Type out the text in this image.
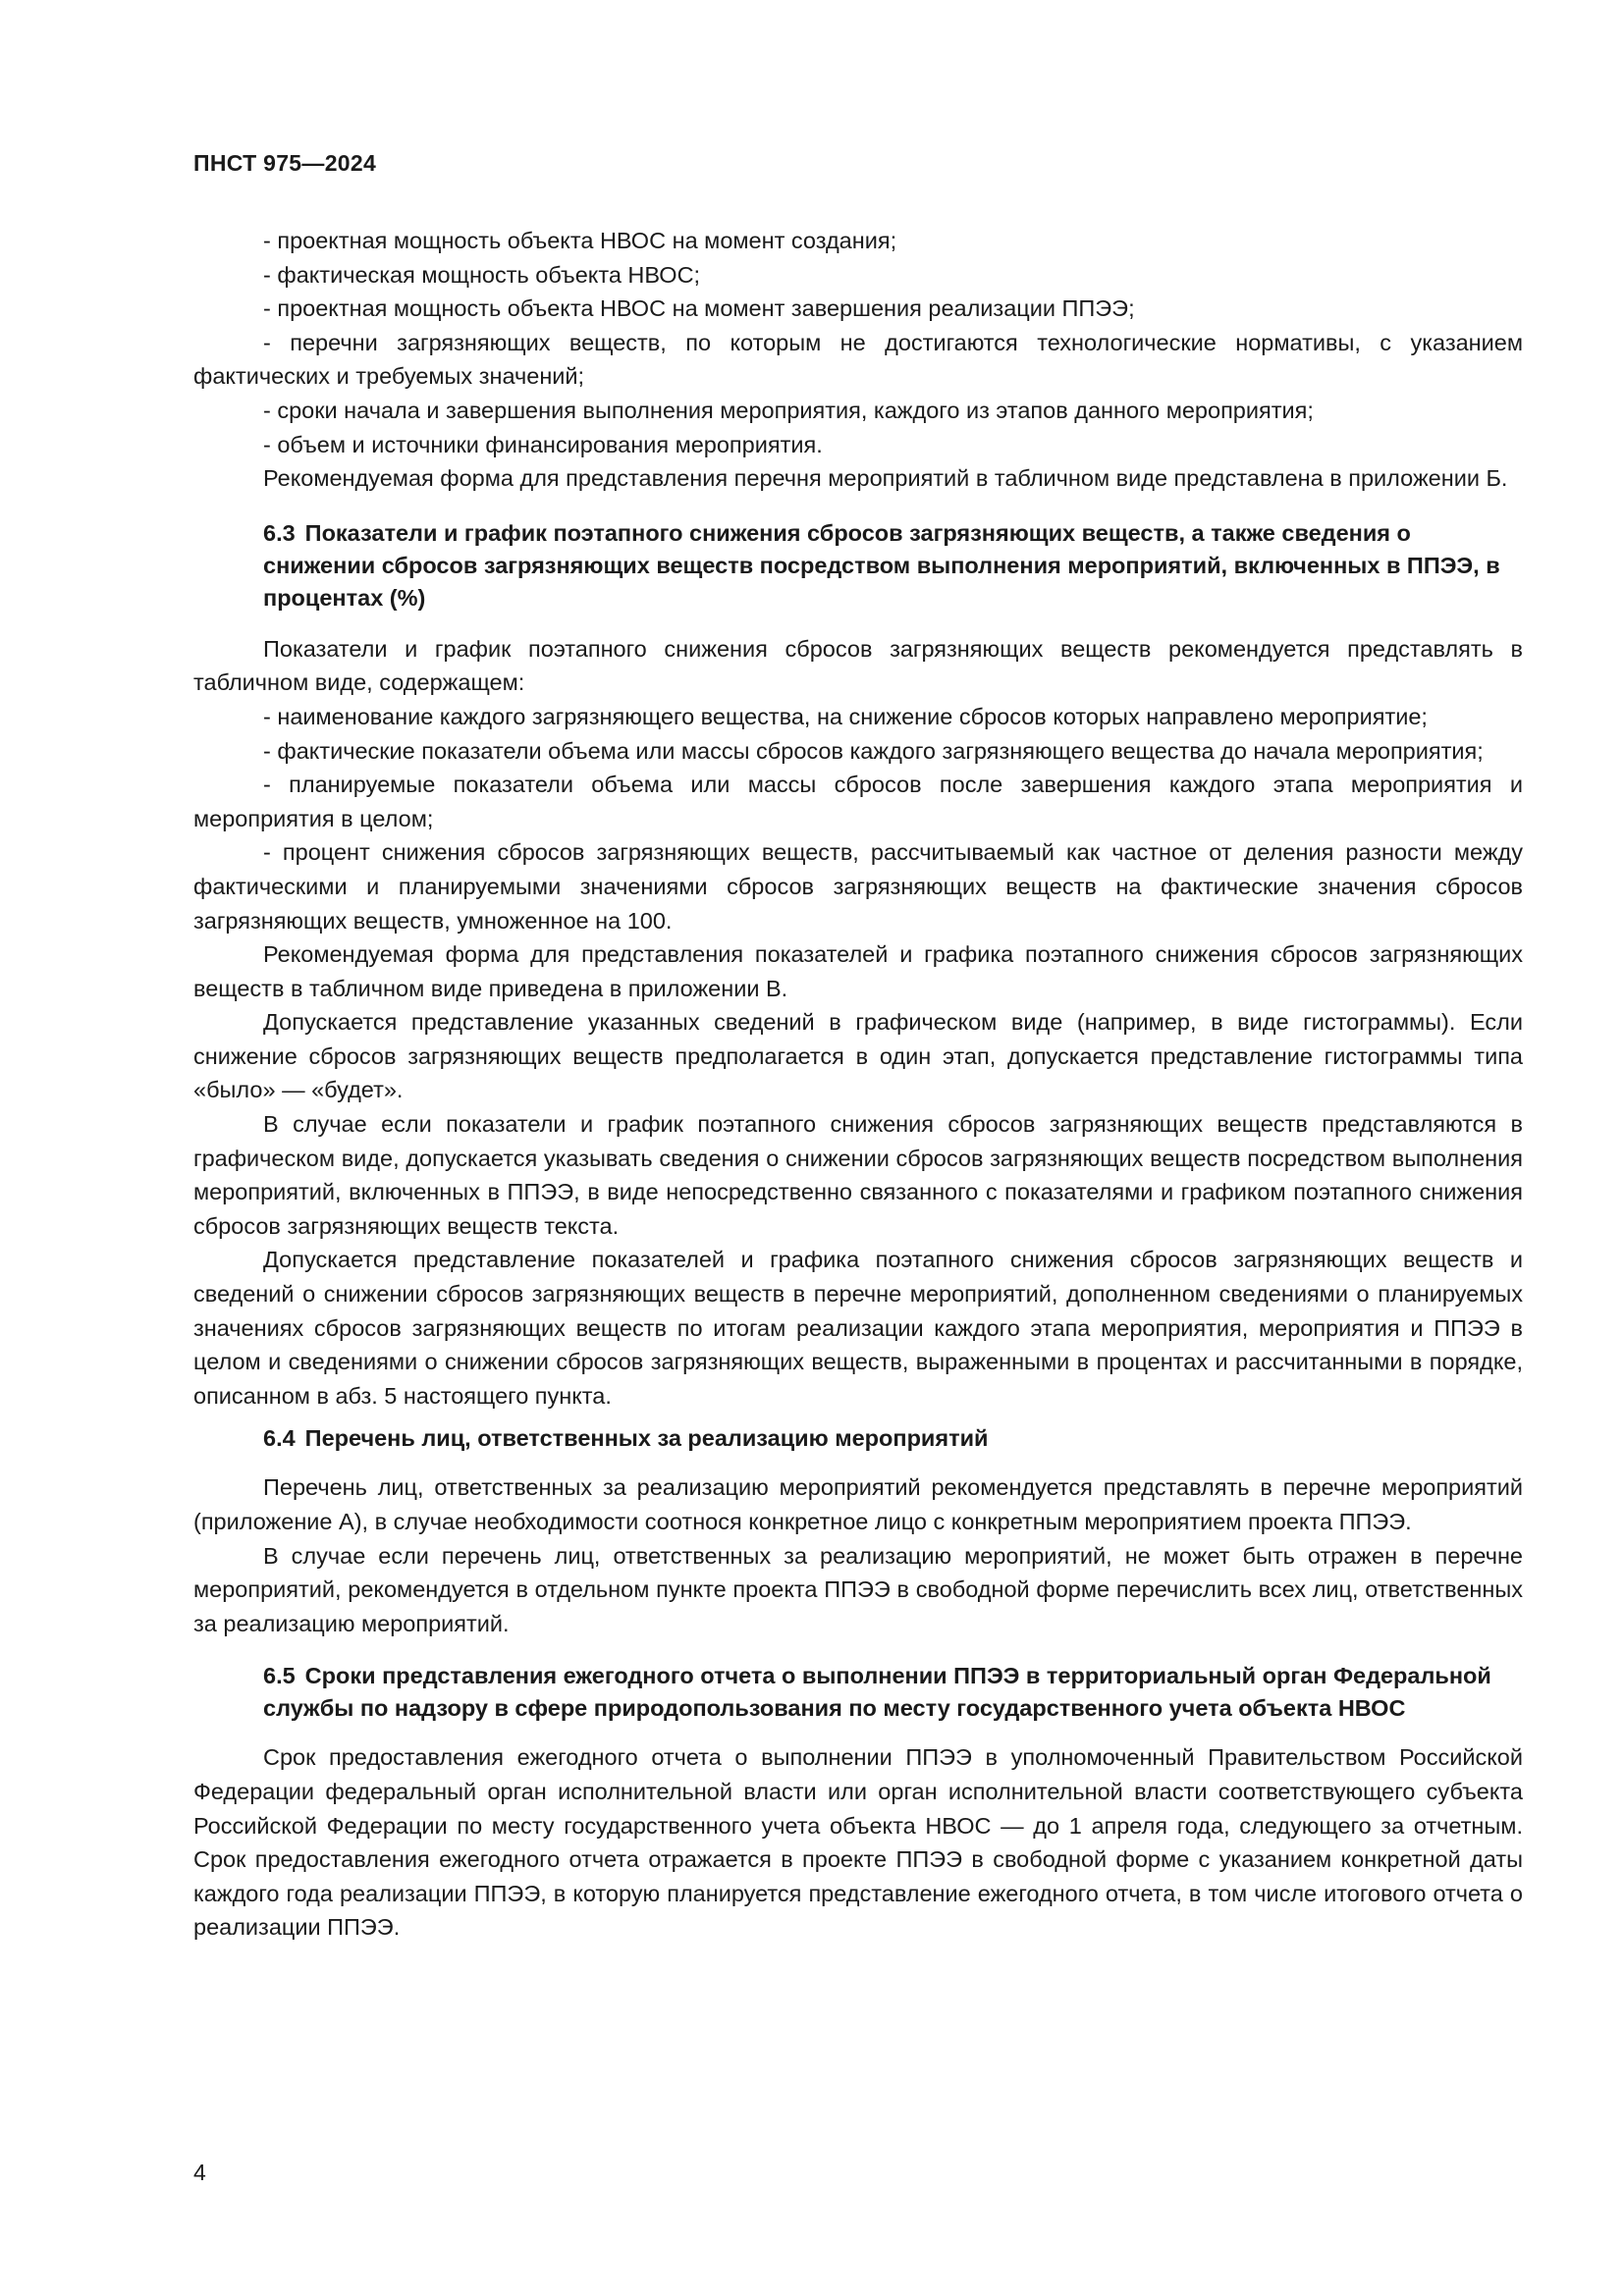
ПНСТ 975—2024

- проектная мощность объекта НВОС на момент создания;

- фактическая мощность объекта НВОС;

- проектная мощность объекта НВОС на момент завершения реализации ППЭЭ;

- перечни загрязняющих веществ, по которым не достигаются технологические нормативы, с указанием фактических и требуемых значений;

- сроки начала и завершения выполнения мероприятия, каждого из этапов данного мероприятия;

- объем и источники финансирования мероприятия.

Рекомендуемая форма для представления перечня мероприятий в табличном виде представлена в приложении Б.

6.3 Показатели и график поэтапного снижения сбросов загрязняющих веществ, а также сведения о снижении сбросов загрязняющих веществ посредством выполнения мероприятий, включенных в ППЭЭ, в процентах (%)

Показатели и график поэтапного снижения сбросов загрязняющих веществ рекомендуется представлять в табличном виде, содержащем:

- наименование каждого загрязняющего вещества, на снижение сбросов которых направлено мероприятие;

- фактические показатели объема или массы сбросов каждого загрязняющего вещества до начала мероприятия;

- планируемые показатели объема или массы сбросов после завершения каждого этапа мероприятия и мероприятия в целом;

- процент снижения сбросов загрязняющих веществ, рассчитываемый как частное от деления разности между фактическими и планируемыми значениями сбросов загрязняющих веществ на фактические значения сбросов загрязняющих веществ, умноженное на 100.

Рекомендуемая форма для представления показателей и графика поэтапного снижения сбросов загрязняющих веществ в табличном виде приведена в приложении В.

Допускается представление указанных сведений в графическом виде (например, в виде гистограммы). Если снижение сбросов загрязняющих веществ предполагается в один этап, допускается представление гистограммы типа «было» — «будет».

В случае если показатели и график поэтапного снижения сбросов загрязняющих веществ представляются в графическом виде, допускается указывать сведения о снижении сбросов загрязняющих веществ посредством выполнения мероприятий, включенных в ППЭЭ, в виде непосредственно связанного с показателями и графиком поэтапного снижения сбросов загрязняющих веществ текста.

Допускается представление показателей и графика поэтапного снижения сбросов загрязняющих веществ и сведений о снижении сбросов загрязняющих веществ в перечне мероприятий, дополненном сведениями о планируемых значениях сбросов загрязняющих веществ по итогам реализации каждого этапа мероприятия, мероприятия и ППЭЭ в целом и сведениями о снижении сбросов загрязняющих веществ, выраженными в процентах и рассчитанными в порядке, описанном в абз. 5 настоящего пункта.

6.4 Перечень лиц, ответственных за реализацию мероприятий

Перечень лиц, ответственных за реализацию мероприятий рекомендуется представлять в перечне мероприятий (приложение А), в случае необходимости соотнося конкретное лицо с конкретным мероприятием проекта ППЭЭ.

В случае если перечень лиц, ответственных за реализацию мероприятий, не может быть отражен в перечне мероприятий, рекомендуется в отдельном пункте проекта ППЭЭ в свободной форме перечислить всех лиц, ответственных за реализацию мероприятий.

6.5 Сроки представления ежегодного отчета о выполнении ППЭЭ в территориальный орган Федеральной службы по надзору в сфере природопользования по месту государственного учета объекта НВОС

Срок предоставления ежегодного отчета о выполнении ППЭЭ в уполномоченный Правительством Российской Федерации федеральный орган исполнительной власти или орган исполнительной власти соответствующего субъекта Российской Федерации по месту государственного учета объекта НВОС — до 1 апреля года, следующего за отчетным. Срок предоставления ежегодного отчета отражается в проекте ППЭЭ в свободной форме с указанием конкретной даты каждого года реализации ППЭЭ, в которую планируется представление ежегодного отчета, в том числе итогового отчета о реализации ППЭЭ.

4
